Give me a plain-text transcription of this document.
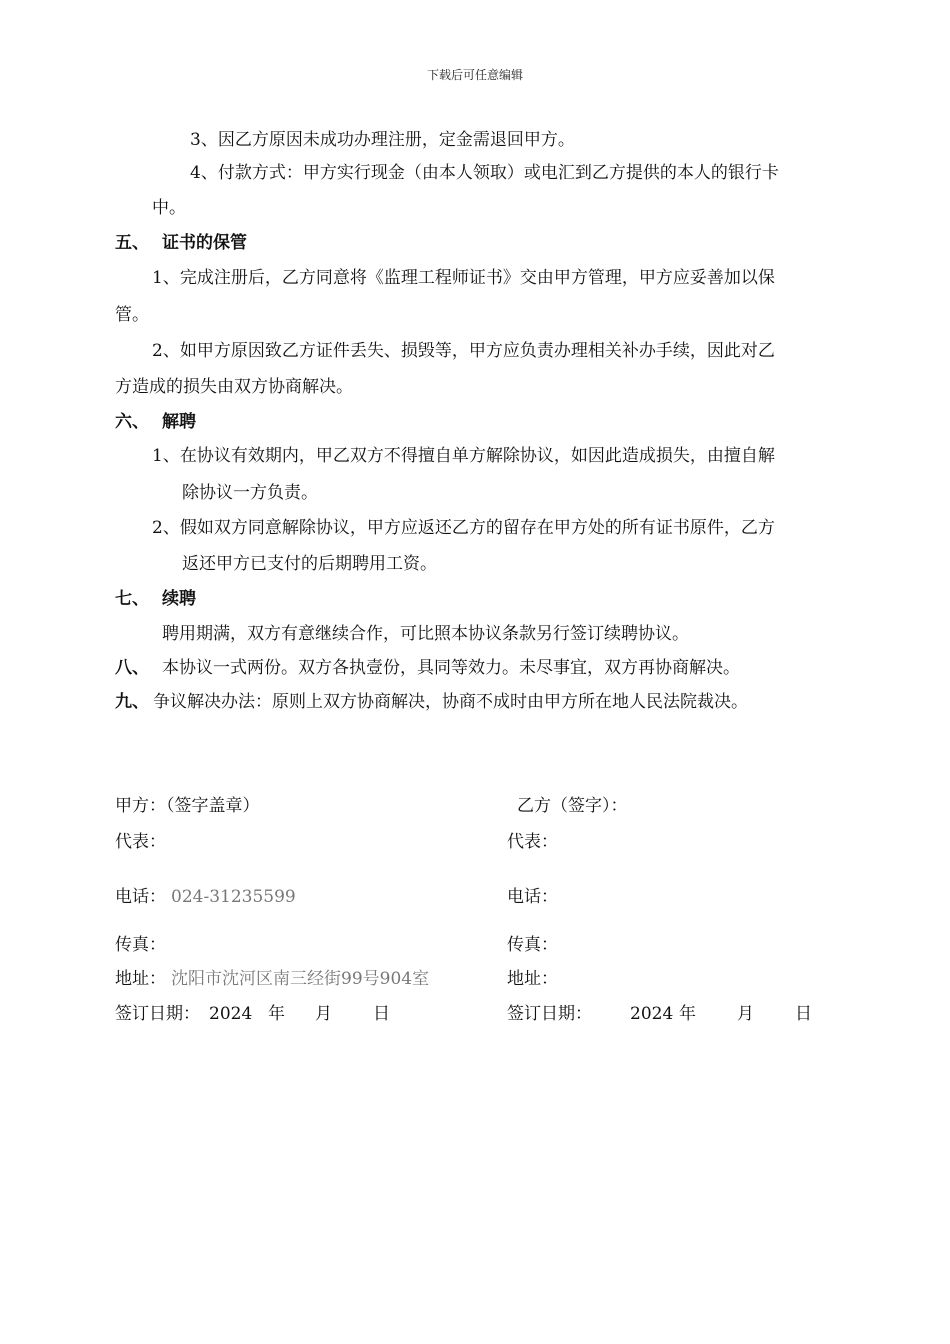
下载后可任意编辑
3、因乙方原因未成功办理注册，定金需退回甲方。
4、付款方式：甲方实行现金（由本人领取）或电汇到乙方提供的本人的银行卡
中。
五、 证书的保管
1、完成注册后，乙方同意将《监理工程师证书》交由甲方管理，甲方应妥善加以保
管。
2、如甲方原因致乙方证件丢失、损毁等，甲方应负责办理相关补办手续，因此对乙
方造成的损失由双方协商解决。
六、 解聘
1、在协议有效期内，甲乙双方不得擅自单方解除协议，如因此造成损失，由擅自解
除协议一方负责。
2、假如双方同意解除协议，甲方应返还乙方的留存在甲方处的所有证书原件，乙方
返还甲方已支付的后期聘用工资。
七、 续聘
聘用期满，双方有意继续合作，可比照本协议条款另行签订续聘协议。
八、 本协议一式两份。双方各执壹份，具同等效力。未尽事宜，双方再协商解决。
九、 争议解决办法：原则上双方协商解决，协商不成时由甲方所在地人民法院裁决。
甲方：（签字盖章）
代表：
电话： 024-31235599
传真：
地址： 沈阳市沈河区南三经街99号904室
签订日期： 2024 年 月 日
乙方（签字）：
代表：
电话：
传真：
地址：
签订日期： 2024 年 月 日
